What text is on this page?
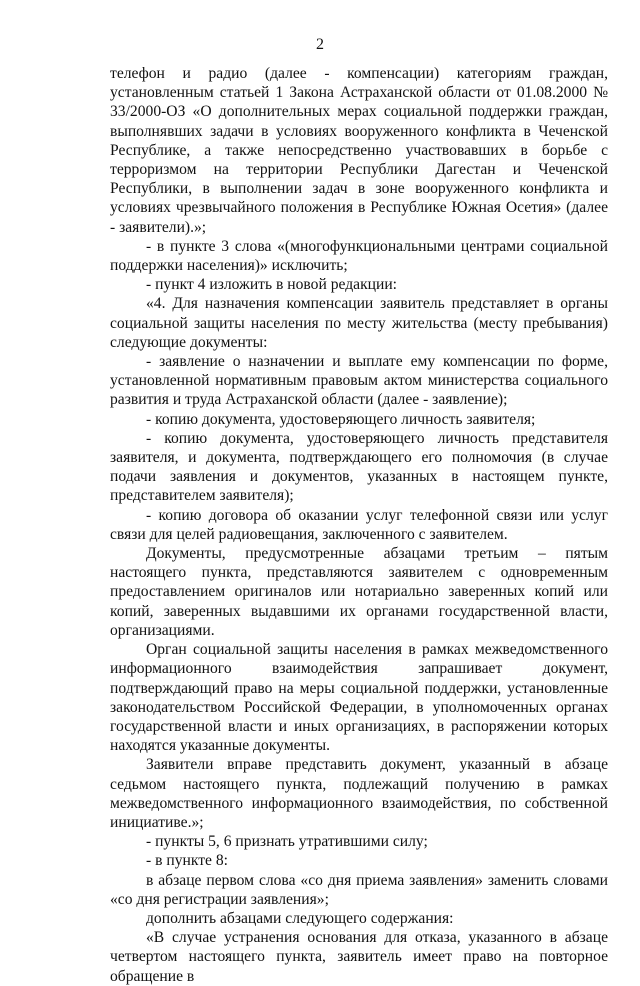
2

телефон и радио (далее - компенсации) категориям граждан, установленным статьей 1 Закона Астраханской области от 01.08.2000 № 33/2000-ОЗ «О дополнительных мерах социальной поддержки граждан, выполнявших задачи в условиях вооруженного конфликта в Чеченской Республике, а также непосредственно участвовавших в борьбе с терроризмом на территории Республики Дагестан и Чеченской Республики, в выполнении задач в зоне вооруженного конфликта и условиях чрезвычайного положения в Республике Южная Осетия» (далее - заявители).»;

- в пункте 3 слова «(многофункциональными центрами социальной поддержки населения)» исключить;

- пункт 4 изложить в новой редакции:

«4. Для назначения компенсации заявитель представляет в органы социальной защиты населения по месту жительства (месту пребывания) следующие документы:

- заявление о назначении и выплате ему компенсации по форме, установленной нормативным правовым актом министерства социального развития и труда Астраханской области (далее - заявление);

- копию документа, удостоверяющего личность заявителя;

- копию документа, удостоверяющего личность представителя заявителя, и документа, подтверждающего его полномочия (в случае подачи заявления и документов, указанных в настоящем пункте, представителем заявителя);

- копию договора об оказании услуг телефонной связи или услуг связи для целей радиовещания, заключенного с заявителем.

Документы, предусмотренные абзацами третьим – пятым настоящего пункта, представляются заявителем с одновременным предоставлением оригиналов или нотариально заверенных копий или копий, заверенных выдавшими их органами государственной власти, организациями.

Орган социальной защиты населения в рамках межведомственного информационного взаимодействия запрашивает документ, подтверждающий право на меры социальной поддержки, установленные законодательством Российской Федерации, в уполномоченных органах государственной власти и иных организациях, в распоряжении которых находятся указанные документы.

Заявители вправе представить документ, указанный в абзаце седьмом настоящего пункта, подлежащий получению в рамках межведомственного информационного взаимодействия, по собственной инициативе.»;

- пункты 5, 6 признать утратившими силу;

- в пункте 8:

в абзаце первом слова «со дня приема заявления» заменить словами «со дня регистрации заявления»;

дополнить абзацами следующего содержания:

«В случае устранения основания для отказа, указанного в абзаце четвертом настоящего пункта, заявитель имеет право на повторное обращение в
